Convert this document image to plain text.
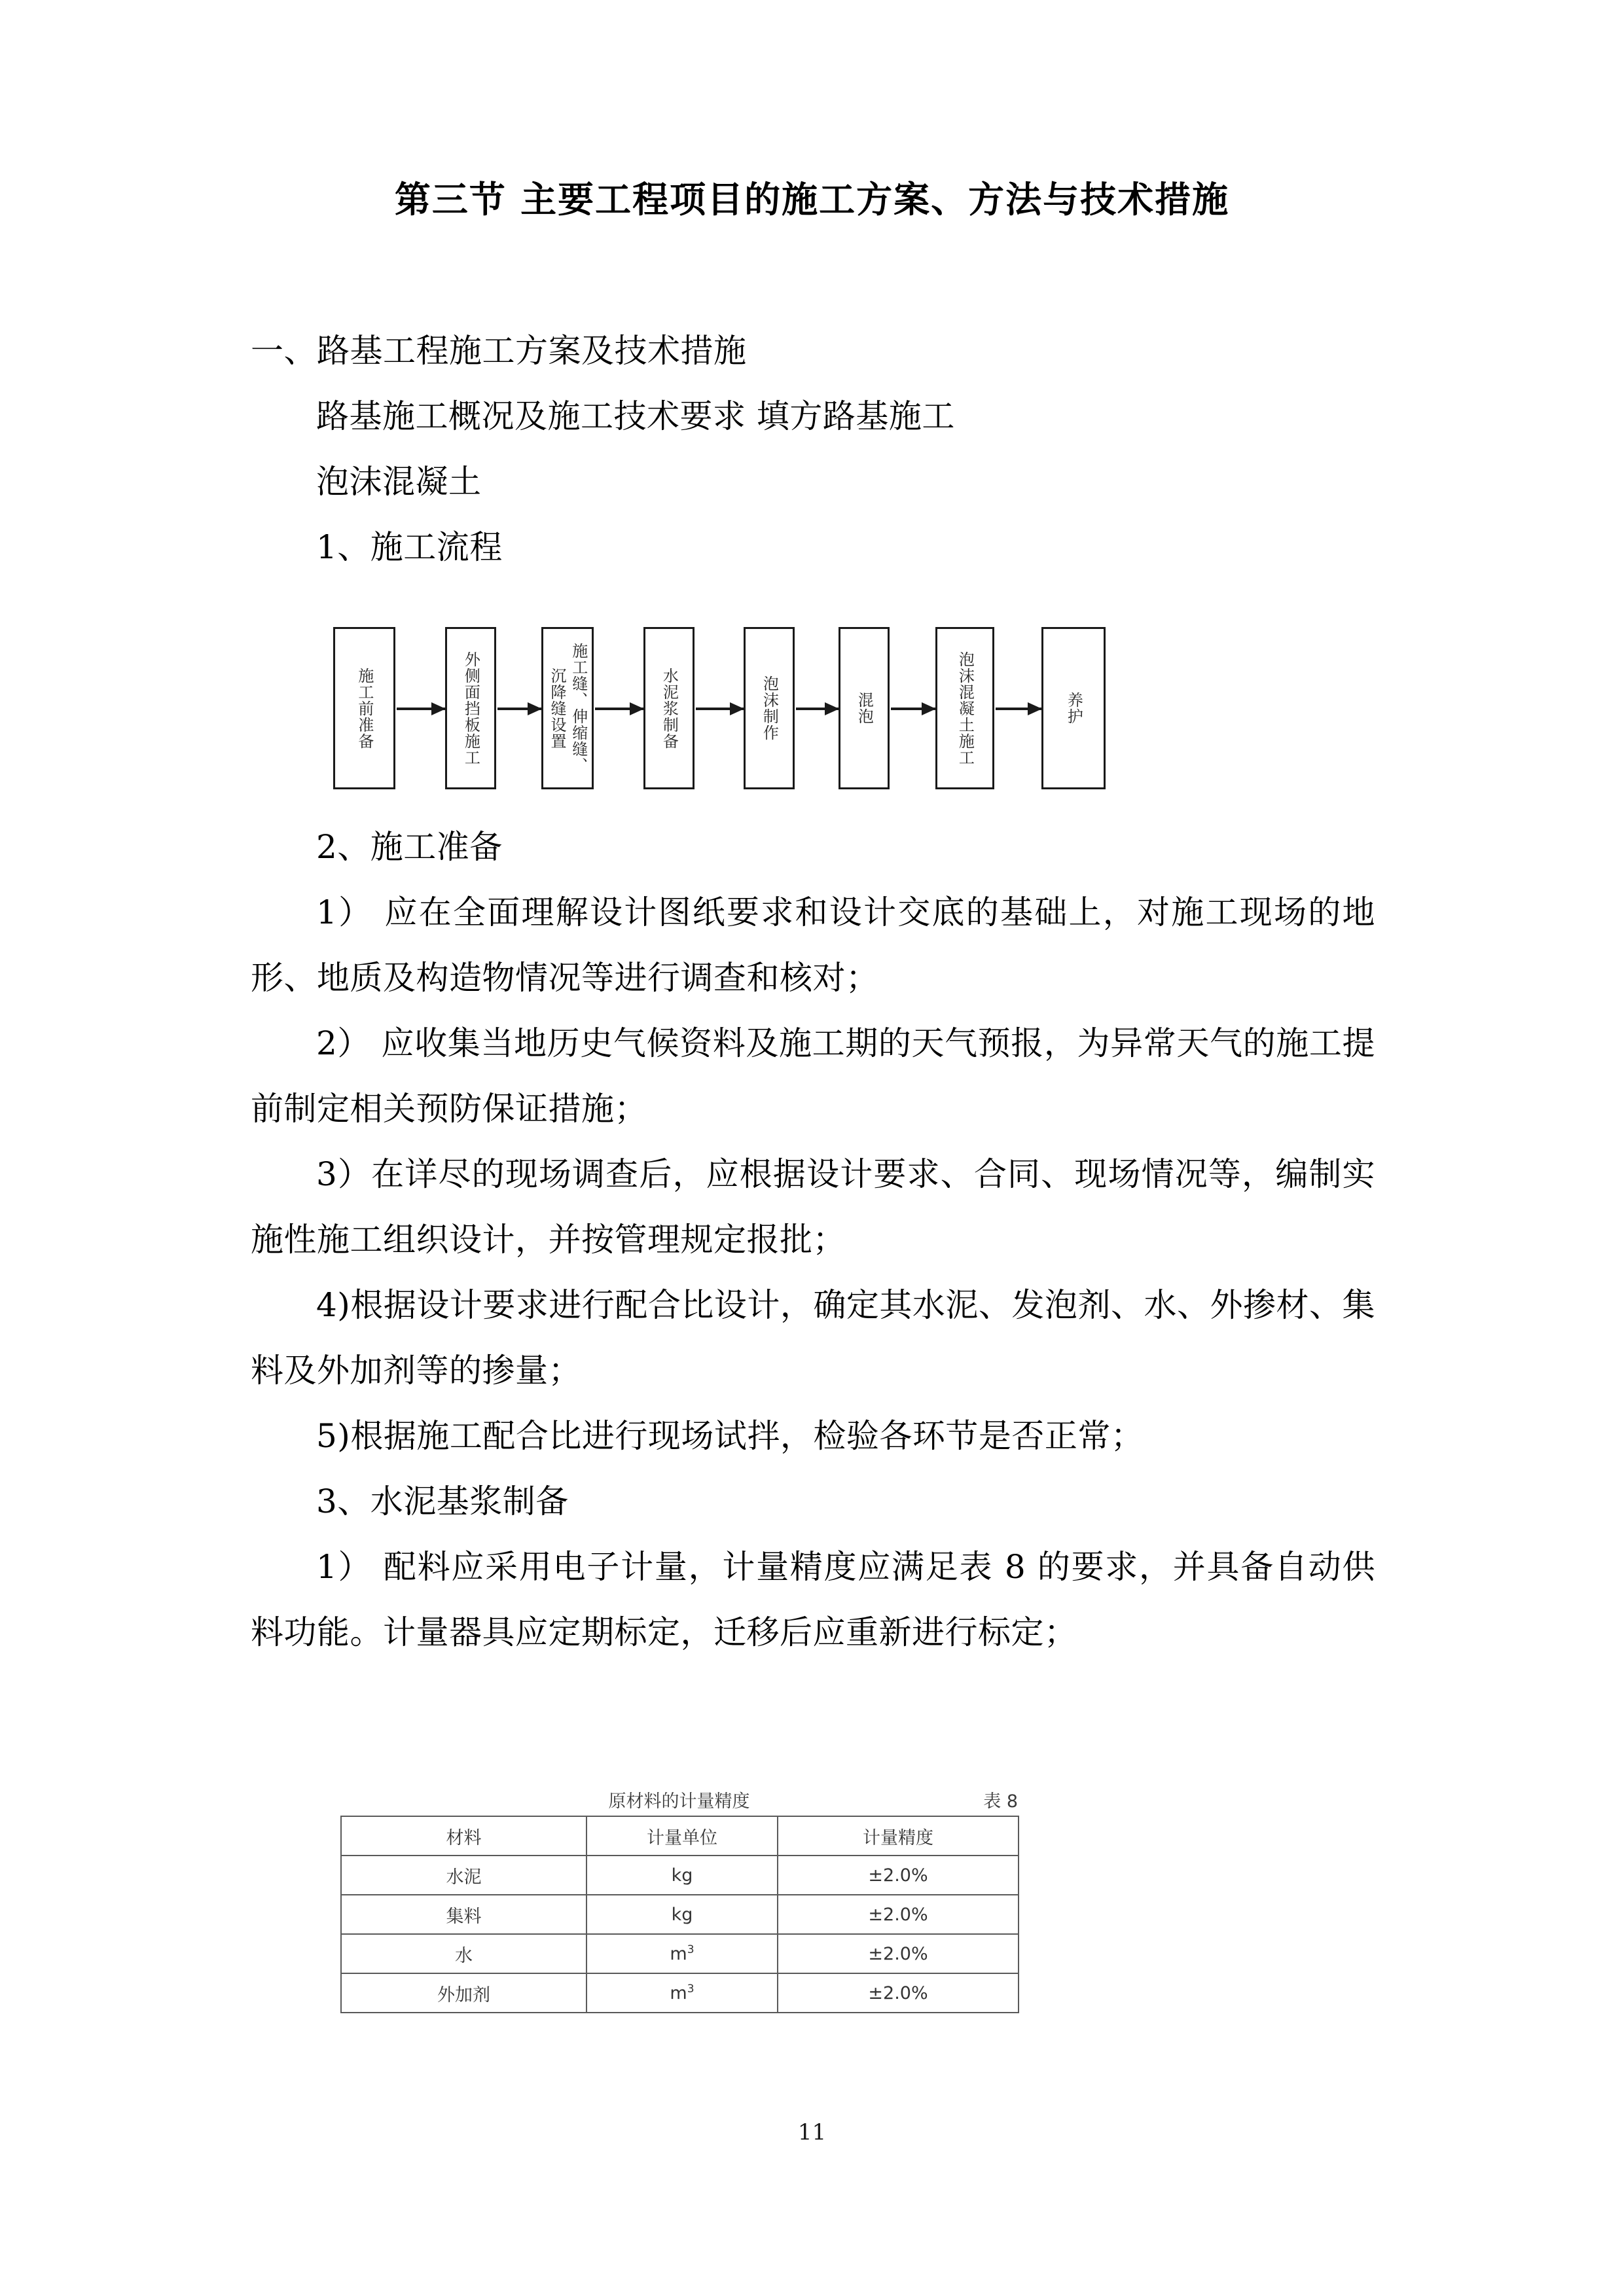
第三节 主要工程项目的施工方案、方法与技术措施

一、路基工程施工方案及技术措施

路基施工概况及施工技术要求 填方路基施工

泡沫混凝土

1、施工流程

施工前准备	外侧面挡板施工	施工缝、伸缩缝、
沉降缝设置	水泥浆制备	泡沫制作	混泡	泡沫混凝土施工	养护

2、施工准备

1） 应在全面理解设计图纸要求和设计交底的基础上，对施工现场的地形、地质及构造物情况等进行调查和核对；

2） 应收集当地历史气候资料及施工期的天气预报，为异常天气的施工提前制定相关预防保证措施；

3）在详尽的现场调查后，应根据设计要求、合同、现场情况等，编制实施性施工组织设计，并按管理规定报批；

4)根据设计要求进行配合比设计，确定其水泥、发泡剂、水、外掺材、集料及外加剂等的掺量；

5)根据施工配合比进行现场试拌，检验各环节是否正常；

3、水泥基浆制备

1） 配料应采用电子计量，计量精度应满足表 8 的要求，并具备自动供料功能。计量器具应定期标定，迁移后应重新进行标定；

原材料的计量精度	表 8
材料	计量单位	计量精度
水泥	kg	±2.0%
集料	kg	±2.0%
水	$m^3$	±2.0%
外加剂	$m^3$	±2.0%
11
